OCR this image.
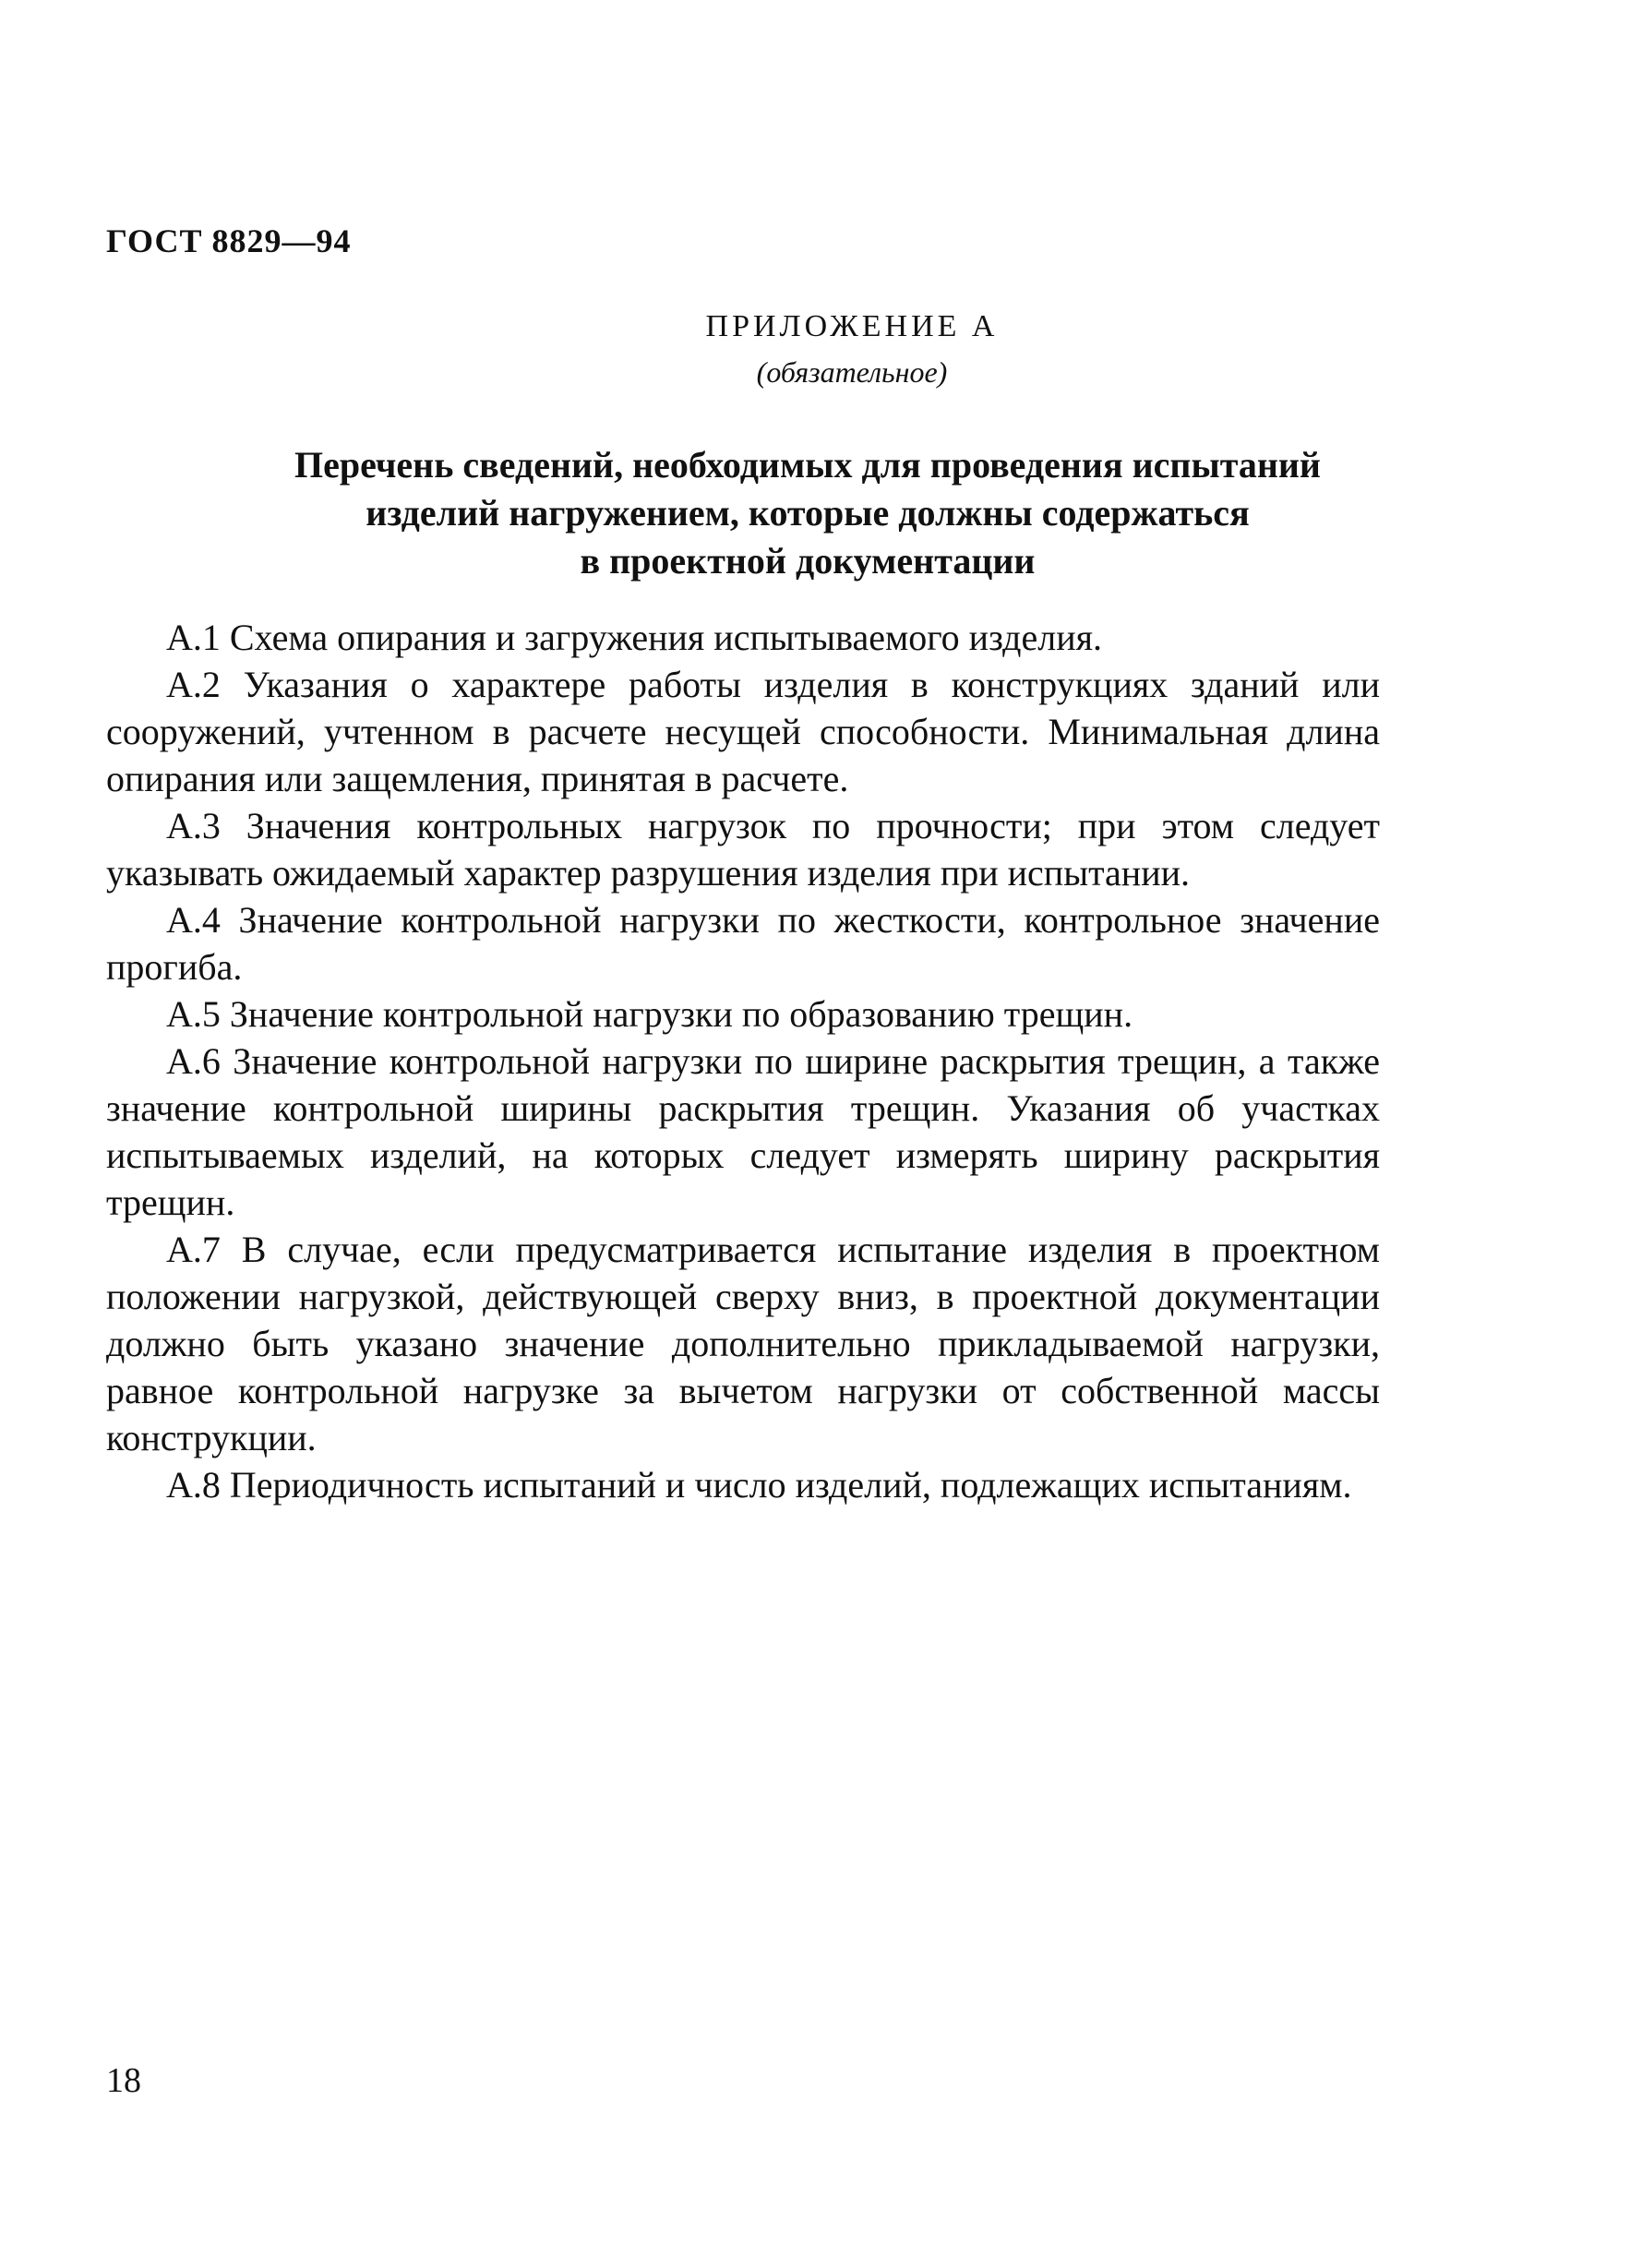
ГОСТ 8829—94
ПРИЛОЖЕНИЕ А
(обязательное)
Перечень сведений, необходимых для проведения испытаний
изделий нагружением, которые должны содержаться
в проектной документации

А.1 Схема опирания и загружения испытываемого изделия.

А.2 Указания о характере работы изделия в конструкциях зданий или сооружений, учтенном в расчете несущей способности. Минимальная длина опирания или защемления, принятая в расчете.

А.3 Значения контрольных нагрузок по прочности; при этом следует указывать ожидаемый характер разрушения изделия при испытании.

А.4 Значение контрольной нагрузки по жесткости, контрольное значение прогиба.

А.5 Значение контрольной нагрузки по образованию трещин.

А.6 Значение контрольной нагрузки по ширине раскрытия трещин, а также значение контрольной ширины раскрытия трещин. Указания об участках испытываемых изделий, на которых следует измерять ширину раскрытия трещин.

А.7 В случае, если предусматривается испытание изделия в проектном положении нагрузкой, действующей сверху вниз, в проектной документации должно быть указано значение дополнительно прикладываемой нагрузки, равное контрольной нагрузке за вычетом нагрузки от собственной массы конструкции.

А.8 Периодичность испытаний и число изделий, подлежащих испытаниям.

18
